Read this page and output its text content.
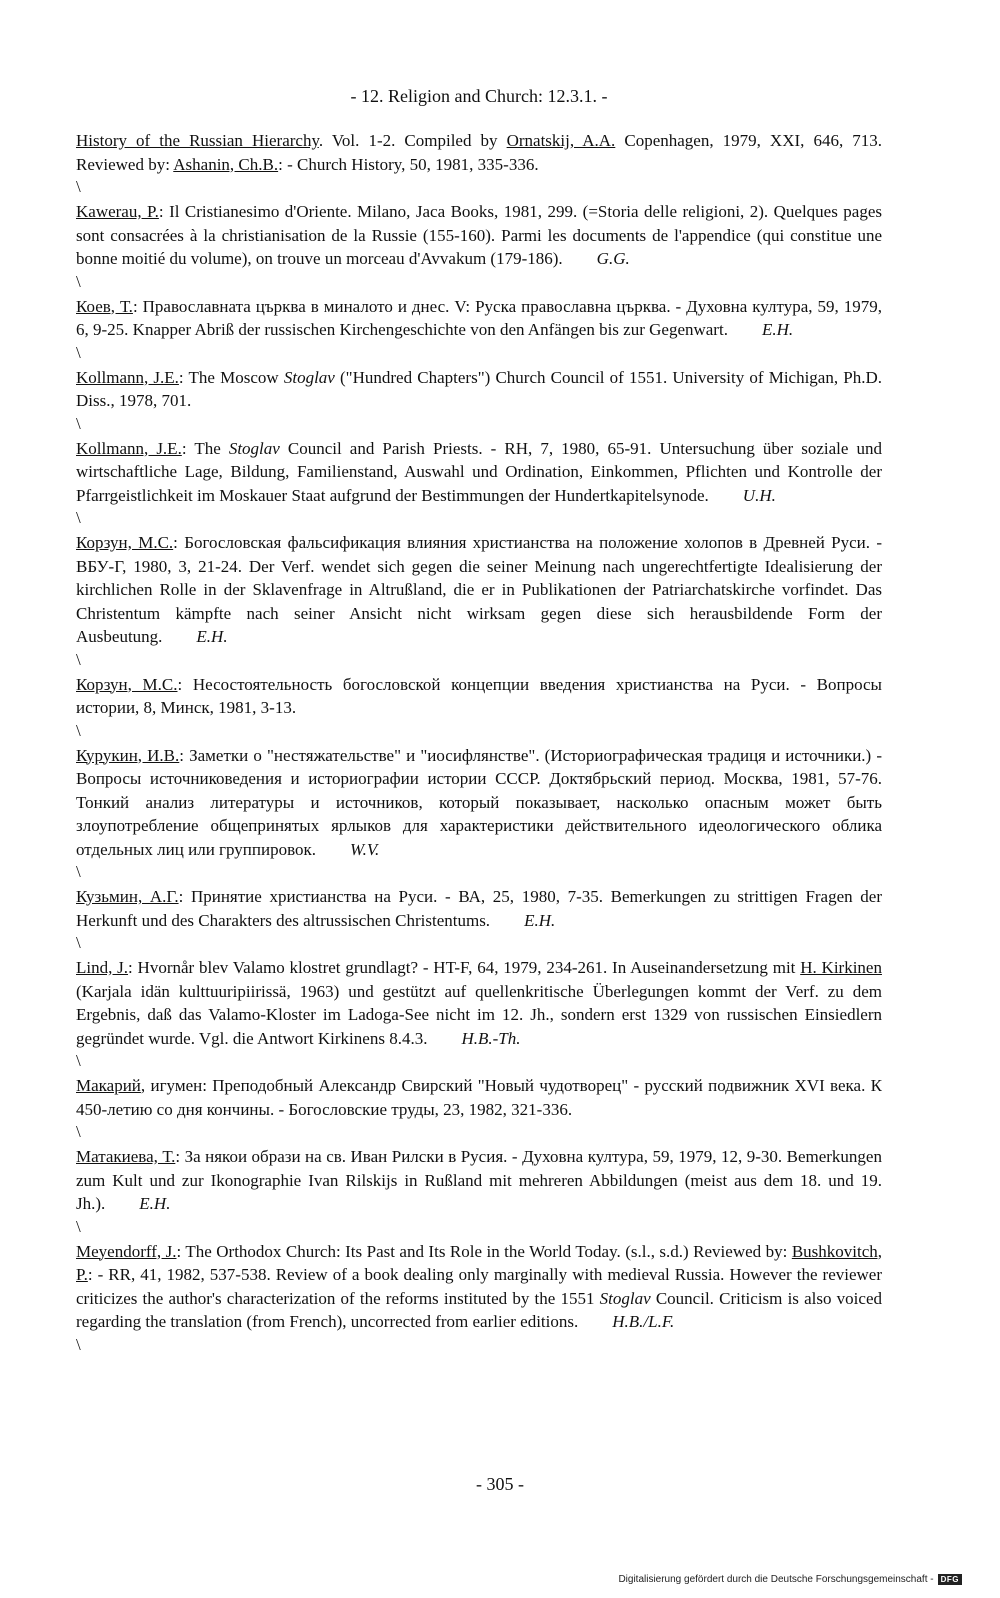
- 12. Religion and Church: 12.3.1. -
History of the Russian Hierarchy. Vol. 1-2. Compiled by Ornatskij, A.A. Copenhagen, 1979, XXI, 646, 713. Reviewed by: Ashanin, Ch.B.: - Church History, 50, 1981, 335-336.
\
Kawerau, P.: Il Cristianesimo d'Oriente. Milano, Jaca Books, 1981, 299. (=Storia delle religioni, 2). Quelques pages sont consacrées à la christianisation de la Russie (155-160). Parmi les documents de l'appendice (qui constitue une bonne moitié du volume), on trouve un morceau d'Avvakum (179-186). G.G.
\
Коев, Т.: Православната църква в миналото и днес. V: Руска православна църква. - Духовна култура, 59, 1979, 6, 9-25. Knapper Abriß der russischen Kirchengeschichte von den Anfängen bis zur Gegenwart. E.H.
\
Kollmann, J.E.: The Moscow Stoglav ("Hundred Chapters") Church Council of 1551. University of Michigan, Ph.D. Diss., 1978, 701.
\
Kollmann, J.E.: The Stoglav Council and Parish Priests. - RH, 7, 1980, 65-91. Untersuchung über soziale und wirtschaftliche Lage, Bildung, Familienstand, Auswahl und Ordination, Einkommen, Pflichten und Kontrolle der Pfarrgeistlichkeit im Moskauer Staat aufgrund der Bestimmungen der Hundertkapitelsynode. U.H.
\
Корзун, М.С.: Богословская фальсификация влияния христианства на положение холопов в Древней Руси. - ВБУ-Г, 1980, 3, 21-24. Der Verf. wendet sich gegen die seiner Meinung nach ungerechtfertigte Idealisierung der kirchlichen Rolle in der Sklavenfrage in Altrußland, die er in Publikationen der Patriarchatskirche vorfindet. Das Christentum kämpfte nach seiner Ansicht nicht wirksam gegen diese sich herausbildende Form der Ausbeutung. E.H.
\
Корзун, М.С.: Несостоятельность богословской концепции введения христианства на Руси. - Вопросы истории, 8, Минск, 1981, 3-13.
\
Курукин, И.В.: Заметки о "нестяжательстве" и "иосифлянстве". (Историографическая традиця и источники.) - Вопросы источниковедения и историографии истории СССР. Доктябрьский период. Москва, 1981, 57-76. Тонкий анализ литературы и источников, который показывает, насколько опасным может быть злоупотребление общепринятых ярлыков для характеристики действительного идеологического облика отдельных лиц или группировок. W.V.
\
Кузьмин, А.Г.: Принятие христианства на Руси. - ВА, 25, 1980, 7-35. Bemerkungen zu strittigen Fragen der Herkunft und des Charakters des altrussischen Christentums. E.H.
\
Lind, J.: Hvornår blev Valamo klostret grundlagt? - HT-F, 64, 1979, 234-261. In Auseinandersetzung mit H. Kirkinen (Karjala idän kulttuuripiirissä, 1963) und gestützt auf quellenkritische Überlegungen kommt der Verf. zu dem Ergebnis, daß das Valamo-Kloster im Ladoga-See nicht im 12. Jh., sondern erst 1329 von russischen Einsiedlern gegründet wurde. Vgl. die Antwort Kirkinens 8.4.3. H.B.-Th.
\
Макарий, игумен: Преподобный Александр Свирский "Новый чудотворец" - русский подвижник XVI века. К 450-летию со дня кончины. - Богословские труды, 23, 1982, 321-336.
\
Матакиева, Т.: За някои образи на св. Иван Рилски в Русия. - Духовна култура, 59, 1979, 12, 9-30. Bemerkungen zum Kult und zur Ikonographie Ivan Rilskijs in Rußland mit mehreren Abbildungen (meist aus dem 18. und 19. Jh.). E.H.
\
Meyendorff, J.: The Orthodox Church: Its Past and Its Role in the World Today. (s.l., s.d.) Reviewed by: Bushkovitch, P.: - RR, 41, 1982, 537-538. Review of a book dealing only marginally with medieval Russia. However the reviewer criticizes the author's characterization of the reforms instituted by the 1551 Stoglav Council. Criticism is also voiced regarding the translation (from French), uncorrected from earlier editions. H.B./L.F.
\
- 305 -
Digitalisierung gefördert durch die Deutsche Forschungsgemeinschaft - DFG
